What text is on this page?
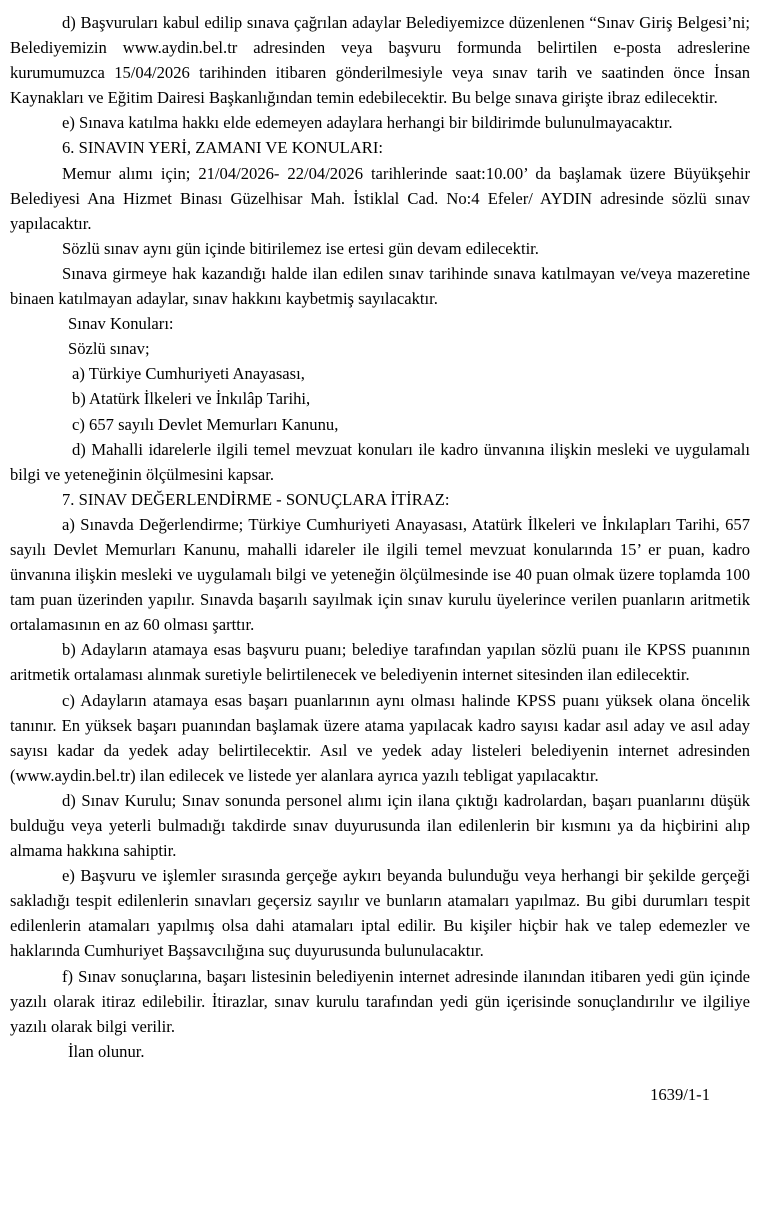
d) Başvuruları kabul edilip sınava çağrılan adaylar Belediyemizce düzenlenen “Sınav Giriş Belgesi’ni; Belediyemizin www.aydin.bel.tr adresinden veya başvuru formunda belirtilen e-posta adreslerine kurumumuzca 15/04/2026 tarihinden itibaren gönderilmesiyle veya sınav tarih ve saatinden önce İnsan Kaynakları ve Eğitim Dairesi Başkanlığından temin edebilecektir. Bu belge sınava girişte ibraz edilecektir.

e) Sınava katılma hakkı elde edemeyen adaylara herhangi bir bildirimde bulunulmayacaktır.

6. SINAVIN YERİ, ZAMANI VE KONULARI:

Memur alımı için; 21/04/2026- 22/04/2026 tarihlerinde saat:10.00’ da başlamak üzere Büyükşehir Belediyesi Ana Hizmet Binası Güzelhisar Mah. İstiklal Cad. No:4 Efeler/ AYDIN adresinde sözlü sınav yapılacaktır.

Sözlü sınav aynı gün içinde bitirilemez ise ertesi gün devam edilecektir.

Sınava girmeye hak kazandığı halde ilan edilen sınav tarihinde sınava katılmayan ve/veya mazeretine binaen katılmayan adaylar, sınav hakkını kaybetmiş sayılacaktır.

Sınav Konuları:

Sözlü sınav;

a) Türkiye Cumhuriyeti Anayasası,

b) Atatürk İlkeleri ve İnkılâp Tarihi,

c) 657 sayılı Devlet Memurları Kanunu,

d) Mahalli idarelerle ilgili temel mevzuat konuları ile kadro ünvanına ilişkin mesleki ve uygulamalı bilgi ve yeteneğinin ölçülmesini kapsar.

7. SINAV DEĞERLENDİRME - SONUÇLARA İTİRAZ:

a) Sınavda Değerlendirme; Türkiye Cumhuriyeti Anayasası, Atatürk İlkeleri ve İnkılapları Tarihi, 657 sayılı Devlet Memurları Kanunu, mahalli idareler ile ilgili temel mevzuat konularında 15’ er puan, kadro ünvanına ilişkin mesleki ve uygulamalı bilgi ve yeteneğin ölçülmesinde ise 40 puan olmak üzere toplamda 100 tam puan üzerinden yapılır. Sınavda başarılı sayılmak için sınav kurulu üyelerince verilen puanların aritmetik ortalamasının en az 60 olması şarttır.

b) Adayların atamaya esas başvuru puanı; belediye tarafından yapılan sözlü puanı ile KPSS puanının aritmetik ortalaması alınmak suretiyle belirtilenecek ve belediyenin internet sitesinden ilan edilecektir.

c) Adayların atamaya esas başarı puanlarının aynı olması halinde KPSS puanı yüksek olana öncelik tanınır. En yüksek başarı puanından başlamak üzere atama yapılacak kadro sayısı kadar asıl aday ve asıl aday sayısı kadar da yedek aday belirtilecektir. Asıl ve yedek aday listeleri belediyenin internet adresinden (www.aydin.bel.tr) ilan edilecek ve listede yer alanlara ayrıca yazılı tebligat yapılacaktır.

d) Sınav Kurulu; Sınav sonunda personel alımı için ilana çıktığı kadrolardan, başarı puanlarını düşük bulduğu veya yeterli bulmadığı takdirde sınav duyurusunda ilan edilenlerin bir kısmını ya da hiçbirini alıp almama hakkına sahiptir.

e) Başvuru ve işlemler sırasında gerçeğe aykırı beyanda bulunduğu veya herhangi bir şekilde gerçeği sakladığı tespit edilenlerin sınavları geçersiz sayılır ve bunların atamaları yapılmaz. Bu gibi durumları tespit edilenlerin atamaları yapılmış olsa dahi atamaları iptal edilir. Bu kişiler hiçbir hak ve talep edemezler ve haklarında Cumhuriyet Başsavcılığına suç duyurusunda bulunulacaktır.

f) Sınav sonuçlarına, başarı listesinin belediyenin internet adresinde ilanından itibaren yedi gün içinde yazılı olarak itiraz edilebilir. İtirazlar, sınav kurulu tarafından yedi gün içerisinde sonuçlandırılır ve ilgiliye yazılı olarak bilgi verilir.

İlan olunur.

1639/1-1
